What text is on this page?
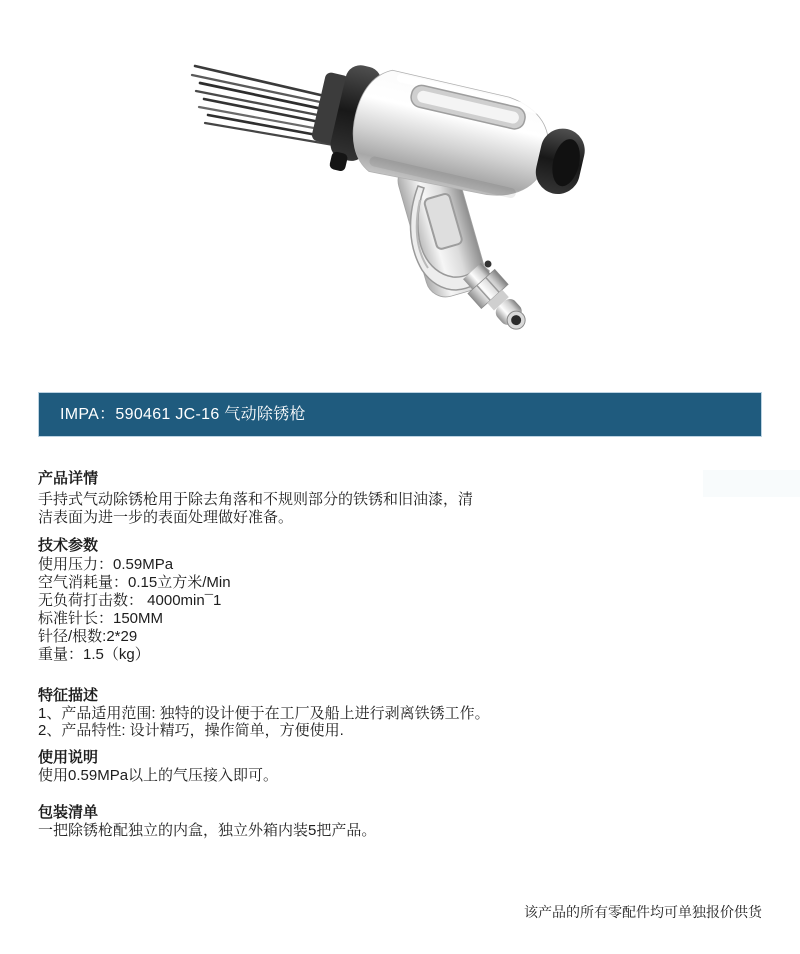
IMPA：590461 JC-16 气动除锈枪
产品详情
手持式气动除锈枪用于除去角落和不规则部分的铁锈和旧油漆，清
洁表面为进一步的表面处理做好准备。
技术参数
使用压力：0.59MPa
空气消耗量：0.15立方米/Min
无负荷打击数： 4000min¯1
标准针长：150MM
针径/根数:2*29
重量：1.5（kg）
特征描述
1、产品适用范围: 独特的设计便于在工厂及船上进行剥离铁锈工作。
2、产品特性: 设计精巧，操作简单，方便使用.
使用说明
使用0.59MPa以上的气压接入即可。
包装清单
一把除锈枪配独立的内盒，独立外箱内装5把产品。
该产品的所有零配件均可单独报价供货
